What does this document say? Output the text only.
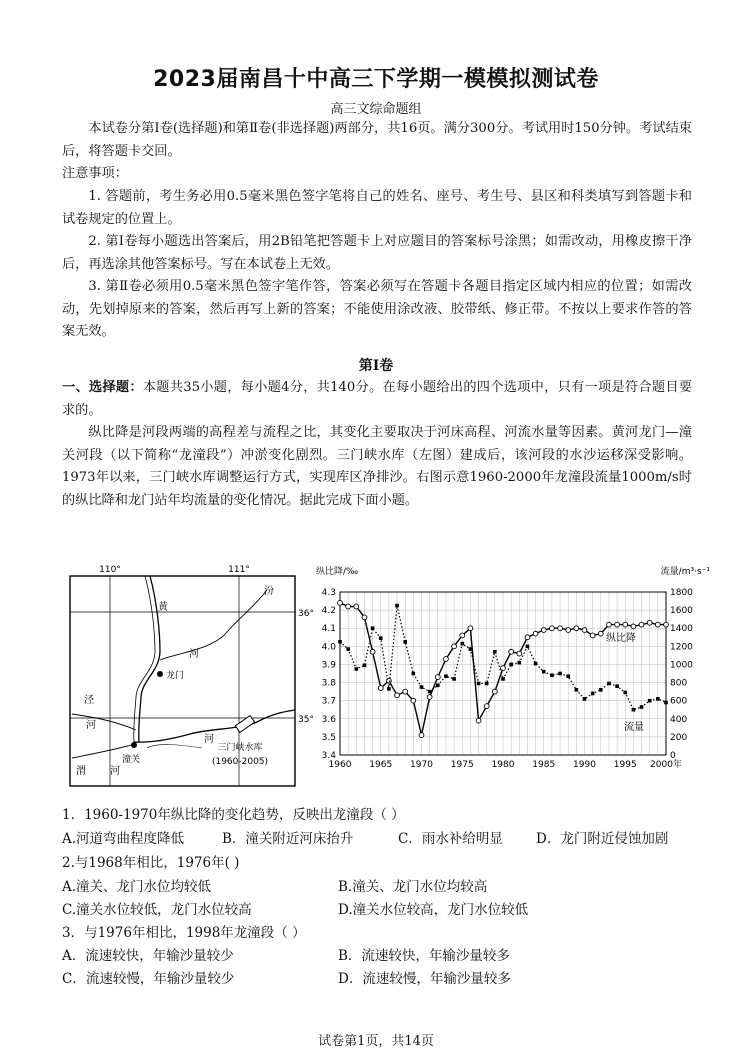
2023届南昌十中高三下学期一模模拟测试卷
高三文综命题组
本试卷分第Ⅰ卷(选择题)和第Ⅱ卷(非选择题)两部分，共16页。满分300分。考试用时150分钟。考试结束后，将答题卡交回。
注意事项：
1. 答题前，考生务必用0.5毫米黑色签字笔将自己的姓名、座号、考生号、县区和科类填写到答题卡和试卷规定的位置上。
2. 第Ⅰ卷每小题选出答案后，用2B铅笔把答题卡上对应题目的答案标号涂黑；如需改动，用橡皮擦干净后，再选涂其他答案标号。写在本试卷上无效。
3. 第Ⅱ卷必须用0.5毫米黑色签字笔作答，答案必须写在答题卡各题目指定区域内相应的位置；如需改动，先划掉原来的答案，然后再写上新的答案；不能使用涂改液、胶带纸、修正带。不按以上要求作答的答案无效。
第Ⅰ卷
一、选择题：本题共35小题，每小题4分，共140分。在每小题给出的四个选项中，只有一项是符合题目要求的。
纵比降是河段两端的高程差与流程之比，其变化主要取决于河床高程、河流水量等因素。黄河龙门—潼关河段（以下简称“龙潼段”）冲淤变化剧烈。三门峡水库（左图）建成后，该河段的水沙运移深受影响。1973年以来，三门峡水库调整运行方式，实现库区净排沙。右图示意1960-2000年龙潼段流量1000m/s时的纵比降和龙门站年均流量的变化情况。据此完成下面小题。
110°	111°
36°
35°
黄
河
汾
龙门
泾
河
河
渭 河
潼关
三门峡水库
(1960-2005)
纵比降/‰	流量/m³·s⁻¹
1960 1965 1970 1975 1980 1985 1990 1995 2000年
3.4
3.5
3.6
3.7
3.8
3.9
4.0
4.1
4.2
4.3
0
200
400
600
800
1000
1200
1400
1600
1800
纵比降
流量
1．1960-1970年纵比降的变化趋势，反映出龙潼段（ ）
A.河道弯曲程度降低	B．潼关附近河床抬升	C．雨水补给明显 D．龙门附近侵蚀加剧
2.与1968年相比，1976年( )
A.潼关、龙门水位均较低	B.潼关、龙门水位均较高
C.潼关水位较低，龙门水位较高	D.潼关水位较高，龙门水位较低
3．与1976年相比，1998年龙潼段（ ）
A．流速较快，年输沙量较少	B．流速较快，年输沙量较多
C．流速较慢，年输沙量较少	D．流速较慢，年输沙量较多
试卷第1页，共14页
